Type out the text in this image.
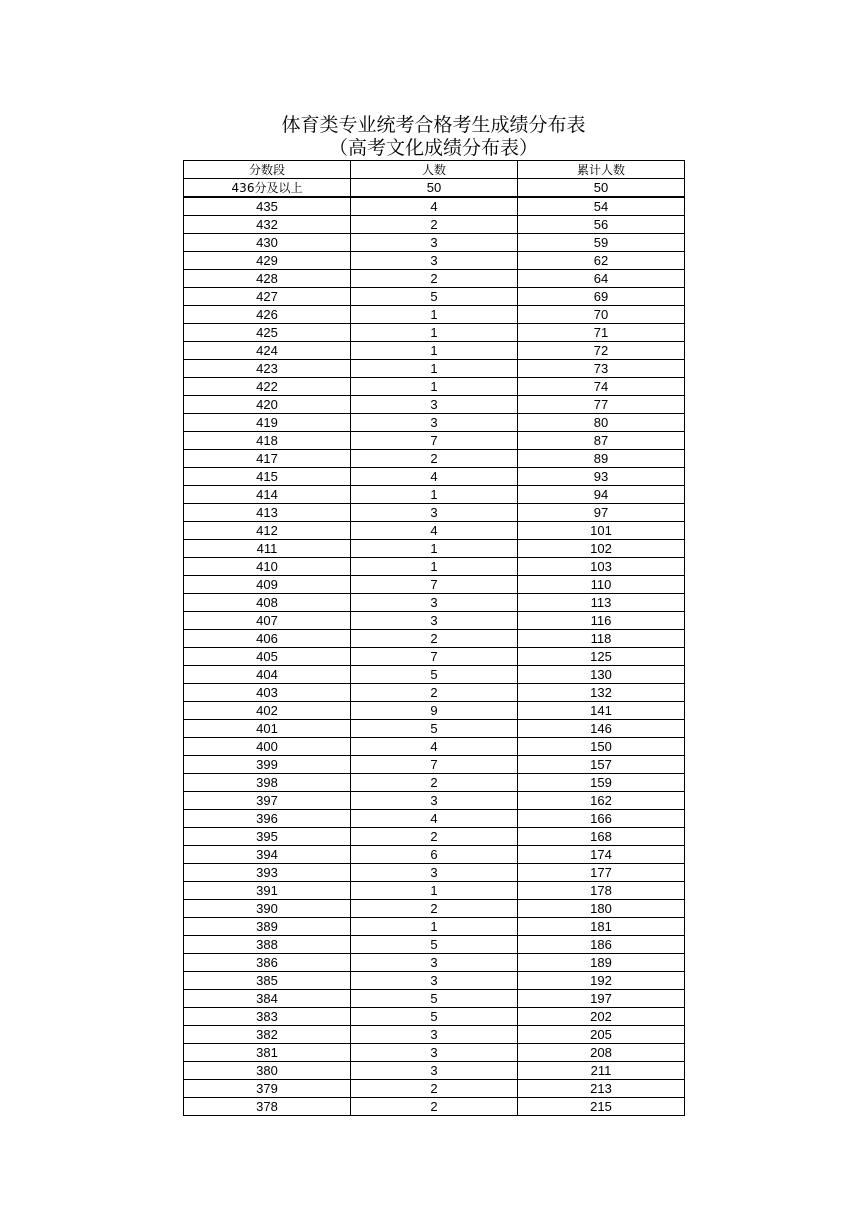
体育类专业统考合格考生成绩分布表
（高考文化成绩分布表）
分数段	人数	累计人数
436分及以上	50	50
435	4	54
432	2	56
430	3	59
429	3	62
428	2	64
427	5	69
426	1	70
425	1	71
424	1	72
423	1	73
422	1	74
420	3	77
419	3	80
418	7	87
417	2	89
415	4	93
414	1	94
413	3	97
412	4	101
411	1	102
410	1	103
409	7	110
408	3	113
407	3	116
406	2	118
405	7	125
404	5	130
403	2	132
402	9	141
401	5	146
400	4	150
399	7	157
398	2	159
397	3	162
396	4	166
395	2	168
394	6	174
393	3	177
391	1	178
390	2	180
389	1	181
388	5	186
386	3	189
385	3	192
384	5	197
383	5	202
382	3	205
381	3	208
380	3	211
379	2	213
378	2	215
